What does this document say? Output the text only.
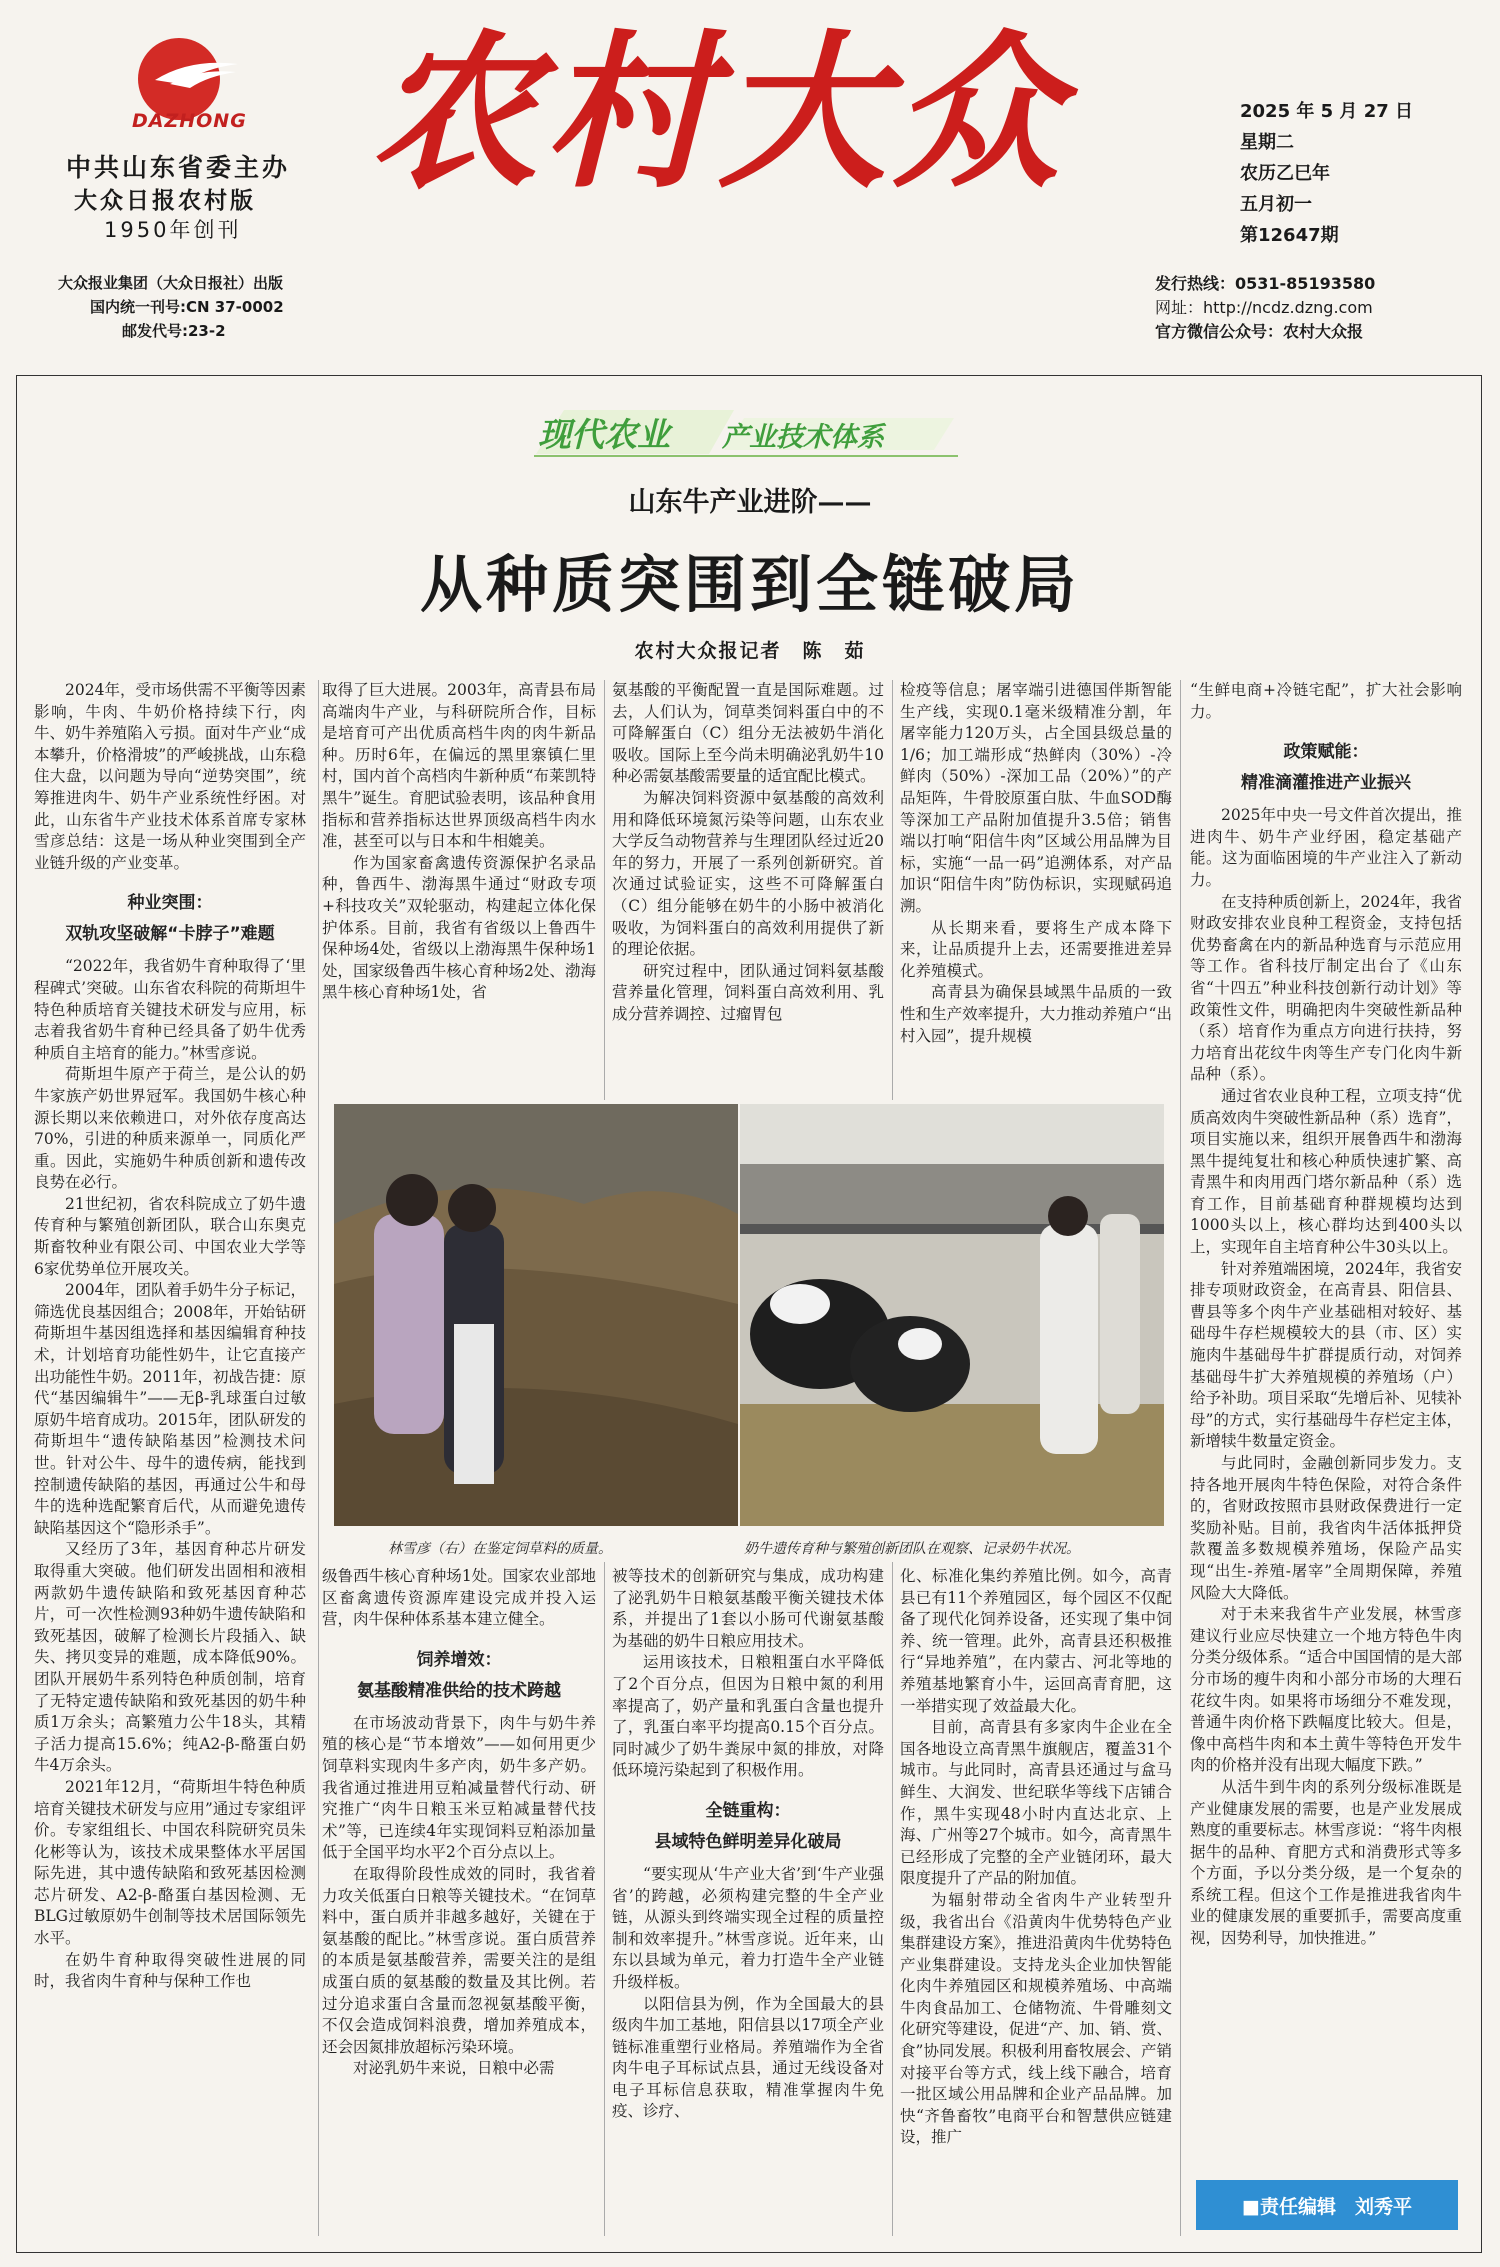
DAZHONG
中共山东省委主办
大众日报农村版
1950年创刊
大众报业集团（大众日报社）出版
国内统一刊号:CN 37-0002
邮发代号:23-2
农村大众	2025 年 5 月 27 日
星期二
农历乙巳年
五月初一
第12647期
发行热线：0531-85193580
网址：http://ncdz.dzng.com
官方微信公众号：农村大众报
现代农业 产业技术体系
山东牛产业进阶——
从种质突围到全链破局
农村大众报记者　陈　茹

2024年，受市场供需不平衡等因素影响，牛肉、牛奶价格持续下行，肉牛、奶牛养殖陷入亏损。面对牛产业“成本攀升，价格滑坡”的严峻挑战，山东稳住大盘，以问题为导向“逆势突围”，统筹推进肉牛、奶牛产业系统性纾困。对此，山东省牛产业技术体系首席专家林雪彦总结：这是一场从种业突围到全产业链升级的产业变革。

种业突围：
双轨攻坚破解“卡脖子”难题

“2022年，我省奶牛育种取得了‘里程碑式’突破。山东省农科院的荷斯坦牛特色种质培育关键技术研发与应用，标志着我省奶牛育种已经具备了奶牛优秀种质自主培育的能力。”林雪彦说。

荷斯坦牛原产于荷兰，是公认的奶牛家族产奶世界冠军。我国奶牛核心种源长期以来依赖进口，对外依存度高达70%，引进的种质来源单一，同质化严重。因此，实施奶牛种质创新和遗传改良势在必行。

21世纪初，省农科院成立了奶牛遗传育种与繁殖创新团队，联合山东奥克斯畜牧种业有限公司、中国农业大学等6家优势单位开展攻关。

2004年，团队着手奶牛分子标记，筛选优良基因组合；2008年，开始钻研荷斯坦牛基因组选择和基因编辑育种技术，计划培育功能性奶牛，让它直接产出功能性牛奶。2011年，初战告捷：原代“基因编辑牛”——无β-乳球蛋白过敏原奶牛培育成功。2015年，团队研发的荷斯坦牛“遗传缺陷基因”检测技术问世。针对公牛、母牛的遗传病，能找到控制遗传缺陷的基因，再通过公牛和母牛的选种选配繁育后代，从而避免遗传缺陷基因这个“隐形杀手”。

又经历了3年，基因育种芯片研发取得重大突破。他们研发出固相和液相两款奶牛遗传缺陷和致死基因育种芯片，可一次性检测93种奶牛遗传缺陷和致死基因，破解了检测长片段插入、缺失、拷贝变异的难题，成本降低90%。团队开展奶牛系列特色种质创制，培育了无特定遗传缺陷和致死基因的奶牛种质1万余头；高繁殖力公牛18头，其精子活力提高15.6%；纯A2-β-酪蛋白奶牛4万余头。

2021年12月，“荷斯坦牛特色种质培育关键技术研发与应用”通过专家组评价。专家组组长、中国农科院研究员朱化彬等认为，该技术成果整体水平居国际先进，其中遗传缺陷和致死基因检测芯片研发、A2-β-酪蛋白基因检测、无BLG过敏原奶牛创制等技术居国际领先水平。

在奶牛育种取得突破性进展的同时，我省肉牛育种与保种工作也

取得了巨大进展。2003年，高青县布局高端肉牛产业，与科研院所合作，目标是培育可产出优质高档牛肉的肉牛新品种。历时6年，在偏远的黑里寨镇仁里村，国内首个高档肉牛新种质“布莱凯特黑牛”诞生。育肥试验表明，该品种食用指标和营养指标达世界顶级高档牛肉水准，甚至可以与日本和牛相媲美。

作为国家畜禽遗传资源保护名录品种，鲁西牛、渤海黑牛通过“财政专项+科技攻关”双轮驱动，构建起立体化保护体系。目前，我省有省级以上鲁西牛保种场4处，省级以上渤海黑牛保种场1处，国家级鲁西牛核心育种场2处、渤海黑牛核心育种场1处，省

氨基酸的平衡配置一直是国际难题。过去，人们认为，饲草类饲料蛋白中的不可降解蛋白（C）组分无法被奶牛消化吸收。国际上至今尚未明确泌乳奶牛10种必需氨基酸需要量的适宜配比模式。

为解决饲料资源中氨基酸的高效利用和降低环境氮污染等问题，山东农业大学反刍动物营养与生理团队经过近20年的努力，开展了一系列创新研究。首次通过试验证实，这些不可降解蛋白（C）组分能够在奶牛的小肠中被消化吸收，为饲料蛋白的高效利用提供了新的理论依据。

研究过程中，团队通过饲料氨基酸营养量化管理，饲料蛋白高效利用、乳成分营养调控、过瘤胃包

检疫等信息；屠宰端引进德国伴斯智能生产线，实现0.1毫米级精准分割，年屠宰能力120万头，占全国县级总量的1/6；加工端形成“热鲜肉（30%）-冷鲜肉（50%）-深加工品（20%）”的产品矩阵，牛骨胶原蛋白肽、牛血SOD酶等深加工产品附加值提升3.5倍；销售端以打响“阳信牛肉”区域公用品牌为目标，实施“一品一码”追溯体系，对产品加识“阳信牛肉”防伪标识，实现赋码追溯。

从长期来看，要将生产成本降下来，让品质提升上去，还需要推进差异化养殖模式。

高青县为确保县域黑牛品质的一致性和生产效率提升，大力推动养殖户“出村入园”，提升规模

“生鲜电商+冷链宅配”，扩大社会影响力。

政策赋能：
精准滴灌推进产业振兴

2025年中央一号文件首次提出，推进肉牛、奶牛产业纾困，稳定基础产能。这为面临困境的牛产业注入了新动力。

在支持种质创新上，2024年，我省财政安排农业良种工程资金，支持包括优势畜禽在内的新品种选育与示范应用等工作。省科技厅制定出台了《山东省“十四五”种业科技创新行动计划》等政策性文件，明确把肉牛突破性新品种（系）培育作为重点方向进行扶持，努力培育出花纹牛肉等生产专门化肉牛新品种（系）。

通过省农业良种工程，立项支持“优质高效肉牛突破性新品种（系）选育”，项目实施以来，组织开展鲁西牛和渤海黑牛提纯复壮和核心种质快速扩繁、高青黑牛和肉用西门塔尔新品种（系）选育工作，目前基础育种群规模均达到1000头以上，核心群均达到400头以上，实现年自主培育种公牛30头以上。

针对养殖端困境，2024年，我省安排专项财政资金，在高青县、阳信县、曹县等多个肉牛产业基础相对较好、基础母牛存栏规模较大的县（市、区）实施肉牛基础母牛扩群提质行动，对饲养基础母牛扩大养殖规模的养殖场（户）给予补助。项目采取“先增后补、见犊补母”的方式，实行基础母牛存栏定主体，新增犊牛数量定资金。

与此同时，金融创新同步发力。支持各地开展肉牛特色保险，对符合条件的，省财政按照市县财政保费进行一定奖励补贴。目前，我省肉牛活体抵押贷款覆盖多数规模养殖场，保险产品实现“出生-养殖-屠宰”全周期保障，养殖风险大大降低。

对于未来我省牛产业发展，林雪彦建议行业应尽快建立一个地方特色牛肉分类分级体系。“适合中国国情的是大部分市场的瘦牛肉和小部分市场的大理石花纹牛肉。如果将市场细分不难发现，普通牛肉价格下跌幅度比较大。但是，像中高档牛肉和本土黄牛等特色开发牛肉的价格并没有出现大幅度下跌。”

从活牛到牛肉的系列分级标准既是产业健康发展的需要，也是产业发展成熟度的重要标志。林雪彦说：“将牛肉根据牛的品种、育肥方式和消费形式等多个方面，予以分类分级，是一个复杂的系统工程。但这个工作是推进我省肉牛业的健康发展的重要抓手，需要高度重视，因势利导，加快推进。”

林雪彦（右）在鉴定饲草料的质量。	奶牛遗传育种与繁殖创新团队在观察、记录奶牛状况。

级鲁西牛核心育种场1处。国家农业部地区畜禽遗传资源库建设完成并投入运营，肉牛保种体系基本建立健全。

饲养增效：
氨基酸精准供给的技术跨越

在市场波动背景下，肉牛与奶牛养殖的核心是“节本增效”——如何用更少饲草料实现肉牛多产肉，奶牛多产奶。我省通过推进用豆粕减量替代行动、研究推广“肉牛日粮玉米豆粕减量替代技术”等，已连续4年实现饲料豆粕添加量低于全国平均水平2个百分点以上。

在取得阶段性成效的同时，我省着力攻关低蛋白日粮等关键技术。“在饲草料中，蛋白质并非越多越好，关键在于氨基酸的配比。”林雪彦说。蛋白质营养的本质是氨基酸营养，需要关注的是组成蛋白质的氨基酸的数量及其比例。若过分追求蛋白含量而忽视氨基酸平衡，不仅会造成饲料浪费，增加养殖成本，还会因氮排放超标污染环境。

对泌乳奶牛来说，日粮中必需

被等技术的创新研究与集成，成功构建了泌乳奶牛日粮氨基酸平衡关键技术体系，并提出了1套以小肠可代谢氨基酸为基础的奶牛日粮应用技术。

运用该技术，日粮粗蛋白水平降低了2个百分点，但因为日粮中氮的利用率提高了，奶产量和乳蛋白含量也提升了，乳蛋白率平均提高0.15个百分点。同时减少了奶牛粪尿中氮的排放，对降低环境污染起到了积极作用。

全链重构：
县域特色鲜明差异化破局

“要实现从‘牛产业大省’到‘牛产业强省’的跨越，必须构建完整的牛全产业链，从源头到终端实现全过程的质量控制和效率提升。”林雪彦说。近年来，山东以县域为单元，着力打造牛全产业链升级样板。

以阳信县为例，作为全国最大的县级肉牛加工基地，阳信县以17项全产业链标准重塑行业格局。养殖端作为全省肉牛电子耳标试点县，通过无线设备对电子耳标信息获取，精准掌握肉牛免疫、诊疗、

化、标准化集约养殖比例。如今，高青县已有11个养殖园区，每个园区不仅配备了现代化饲养设备，还实现了集中饲养、统一管理。此外，高青县还积极推行“异地养殖”，在内蒙古、河北等地的养殖基地繁育小牛，运回高青育肥，这一举措实现了效益最大化。

目前，高青县有多家肉牛企业在全国各地设立高青黑牛旗舰店，覆盖31个城市。与此同时，高青县还通过与盒马鲜生、大润发、世纪联华等线下店铺合作，黑牛实现48小时内直达北京、上海、广州等27个城市。如今，高青黑牛已经形成了完整的全产业链闭环，最大限度提升了产品的附加值。

为辐射带动全省肉牛产业转型升级，我省出台《沿黄肉牛优势特色产业集群建设方案》，推进沿黄肉牛优势特色产业集群建设。支持龙头企业加快智能化肉牛养殖园区和规模养殖场、中高端牛肉食品加工、仓储物流、牛骨雕刻文化研究等建设，促进“产、加、销、赏、食”协同发展。积极利用畜牧展会、产销对接平台等方式，线上线下融合，培育一批区域公用品牌和企业产品品牌。加快“齐鲁畜牧”电商平台和智慧供应链建设，推广

■责任编辑　刘秀平
